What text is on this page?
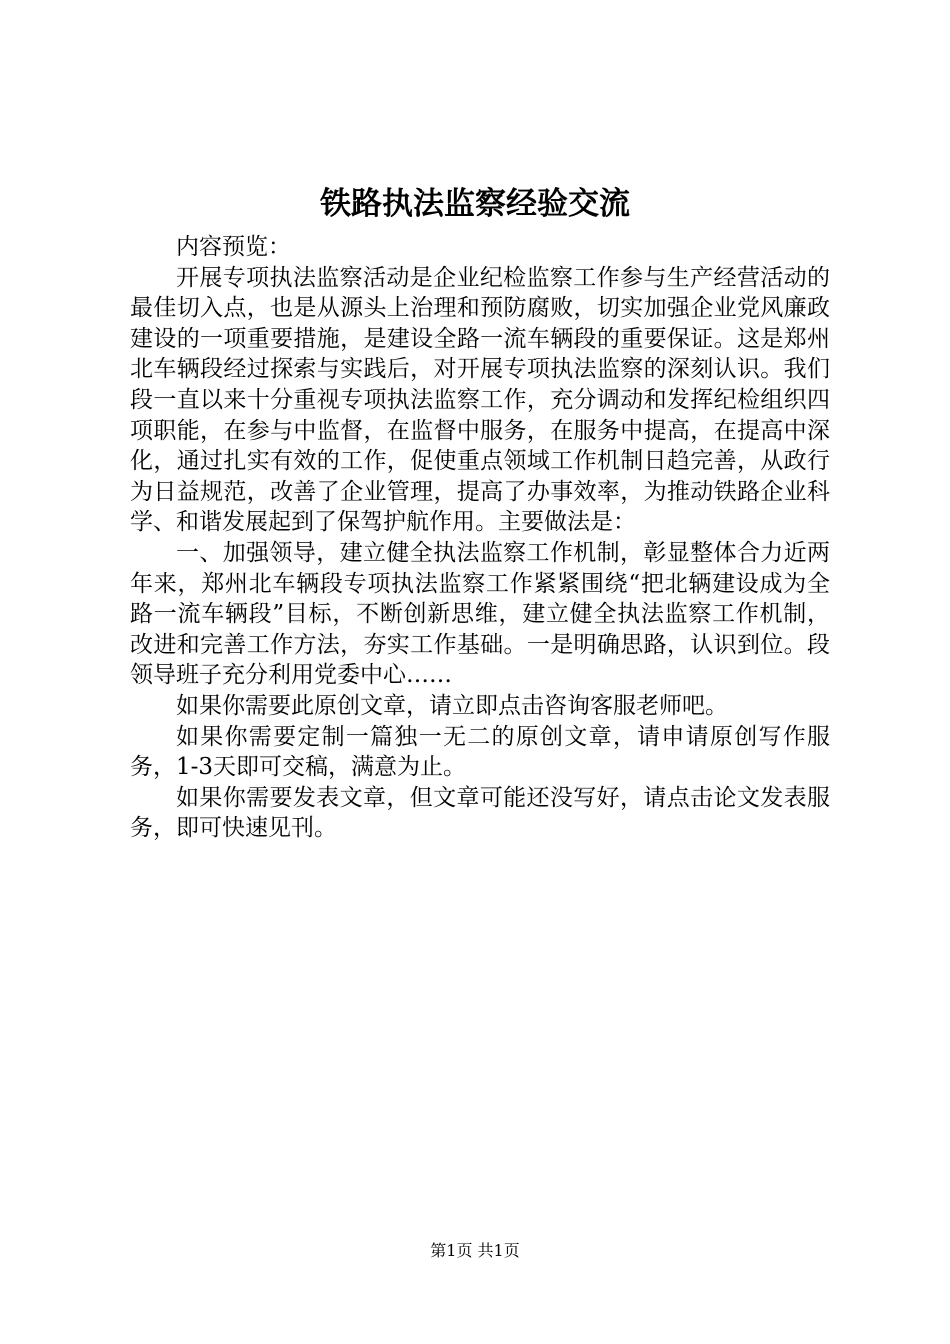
铁路执法监察经验交流

内容预览：

开展专项执法监察活动是企业纪检监察工作参与生产经营活动的最佳切入点，也是从源头上治理和预防腐败，切实加强企业党风廉政建设的一项重要措施，是建设全路一流车辆段的重要保证。这是郑州北车辆段经过探索与实践后，对开展专项执法监察的深刻认识。我们段一直以来十分重视专项执法监察工作，充分调动和发挥纪检组织四项职能，在参与中监督，在监督中服务，在服务中提高，在提高中深化，通过扎实有效的工作，促使重点领域工作机制日趋完善，从政行为日益规范，改善了企业管理，提高了办事效率，为推动铁路企业科学、和谐发展起到了保驾护航作用。主要做法是：

一、加强领导，建立健全执法监察工作机制，彰显整体合力近两年来，郑州北车辆段专项执法监察工作紧紧围绕“把北辆建设成为全路一流车辆段”目标，不断创新思维，建立健全执法监察工作机制，改进和完善工作方法，夯实工作基础。一是明确思路，认识到位。段领导班子充分利用党委中心……

如果你需要此原创文章，请立即点击咨询客服老师吧。

如果你需要定制一篇独一无二的原创文章，请申请原创写作服务，1-3天即可交稿，满意为止。

如果你需要发表文章，但文章可能还没写好，请点击论文发表服务，即可快速见刊。

第1页 共1页
